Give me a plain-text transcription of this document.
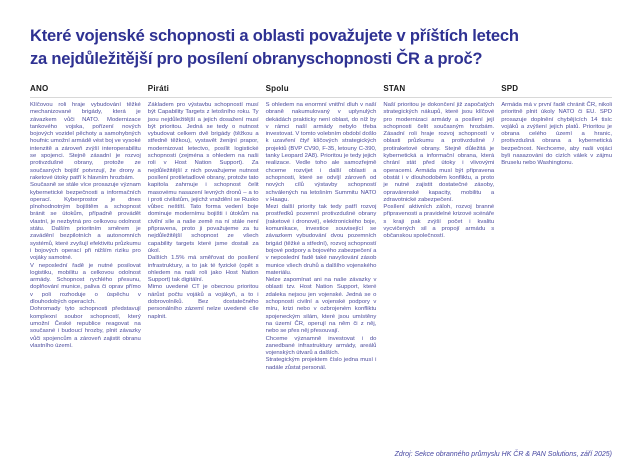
Které vojenské schopnosti a oblasti považujete v příštích letech
za nejdůležitější pro posílení obranyschopnosti ČR a proč?
ANO

Klíčovou roli hraje vybudování těžké mechanizované brigády, která je závazkem vůči NATO. Modernizace tankového vojska, pořízení nových bojových vozidel pěchoty a samohybných houfnic umožní armádě vést boj ve vysoké intenzitě a zároveň zvýší interoperabilitu se spojenci. Stejně zásadní je rozvoj protivzdušné obrany, protože ze současných bojišť potvrzují, že drony a raketové útoky patří k hlavním hrozbám.

Současně se stále více prosazuje význam kybernetické bezpečnosti a informačních operací. Kyberprostor je dnes plnohodnotným bojištěm a schopnost bránit se útokům, případně provádět vlastní, je nezbytná pro celkovou odolnost státu. Dalším prioritním směrem je zavádění bezpilotních a autonomních systémů, které zvyšují efektivitu průzkumu i bojových operací při nižším riziku pro vojáky samotné.

V neposlední řadě je nutné posilovat logistiku, mobilitu a celkovou odolnost armády. Schopnost rychlého přesunu, doplňování munice, paliva či oprav přímo v poli rozhoduje o úspěchu v dlouhodobých operacích.

Dohromady tyto schopnosti představují komplexní soubor schopností, který umožní České republice reagovat na současné i budoucí hrozby, plnit závazky vůči spojencům a zároveň zajistit obranu vlastního území.

Piráti

Základem pro výstavbu schopností musí být Capability Targets z letošního roku. Ty jsou nejdůležitější a jejich dosažení musí být prioritou. Jedná se tedy o nutnost vybudovat celkem dvě brigády (těžkou a středně těžkou), vystavět ženijní prapor, modernizovat letectvo, posílit logistické schopnosti (zejména s ohledem na naši roli v Host Nation Support). Za nejdůležitější z nich považujeme nutnost posílení protiletadlové obrany, protože tato kapitola zahrnuje i schopnost čelit masovému nasazení levných dronů – a to i proti civilistům, jejichž vraždění se Rusko vůbec neštítí. Tato forma vedení boje dominuje modernímu bojišti i útokům na civilní síle a naše země na ní stále není připravena, proto ji považujeme za tu nejdůležitější schopnost ze všech capability targets které jsme dostali za úkol.

Dalších 1.5% má směřovat do posílení infrastruktury, a to jak té fyzické (opět s ohledem na naši roli jako Host Nation Support) tak digitální.

Mimo uvedené CT je obecnou prioritou nárůst počtu vojáků a vojákyň, a to i dobrovolníků. Bez dostatečného personálního zázemí nelze uvedené cíle naplnit.

Spolu

S ohledem na enormní vnitřní dluh v naší obraně nakumulovaný v uplynulých dekádách prakticky není oblast, do níž by v rámci naší armády nebylo třeba investovat. V tomto volebním období došlo k uzavření čtyř klíčových strategických projektů (BVP CV90, F-35, letouny C-390, tanky Leopard 2A8). Prioritou je tedy jejich realizace. Vedle toho ale samozřejmě chceme rozvíjet i další oblasti a schopnosti, které se odvíjí zároveň od nových cílů výstavby schopností schválených na letošním Summitu NATO v Haagu.

Mezi další priority tak tedy patří rozvoj prostředků pozemní protivzdušné obrany (raketové i dronové), elektronického boje, komunikace, investice související se závazkem vybudování dvou pozemních brigád (těžké a střední), rozvoj schopností bojové podpory a bojového zabezpečení a v neposlední řadě také navyšování zásob munice všech druhů a dalšího vojenského materiálu.

Nelze zapomínat ani na naše závazky v oblasti tzv. Host Nation Support, které zdaleka nejsou jen vojenské. Jedná se o schopnosti civilní a vojenské podpory v míru, krizi nebo v ozbrojeném konfliktu spojeneckým silám, které jsou umístěny na území ČR, operují na něm či z něj, nebo se přes něj přesouvají.

Chceme významně investovat i do zanedbané infrastruktury armády, areálů vojenských útvarů a dalších.

Strategickým projektem číslo jedna musí i nadále zůstat personál.

STAN

Naší prioritou je dokončení již započatých strategických nákupů, které jsou klíčové pro modernizaci armády a posílení její schopnosti čelit současným hrozbám. Zásadní roli hraje rozvoj schopností v oblasti průzkumu a protivzdušné / protiraketové obrany. Stejně důležitá je kybernetická a informační obrana, která chrání stát před útoky i vlivovými operacemi. Armáda musí být připravena obstát i v dlouhodobém konfliktu, a proto je nutné zajistit dostatečné zásoby, opravárenské kapacity, mobilitu a zdravotnické zabezpečení.

Posílení aktivních záloh, rozvoj branné připravenosti a pravidelné krizové scénáře s kraji pak zvýší počet i kvalitu vycvičených sil a propojí armádu s občanskou společností.

SPD

Armáda má v první řadě chránit ČR, nikoli prioritně plnit úkoly NATO či EU. SPD prosazuje doplnění chybějících 14 tisíc vojáků a zvýšení jejich platů. Prioritou je obrana celého území a hranic, protivzdušná obrana a kybernetická bezpečnost. Nechceme, aby naši vojáci byli nasazováni do cizích válek v zájmu Bruselu nebo Washingtonu.

Zdroj: Sekce obranného průmyslu HK ČR & PAN Solutions, září 2025)
